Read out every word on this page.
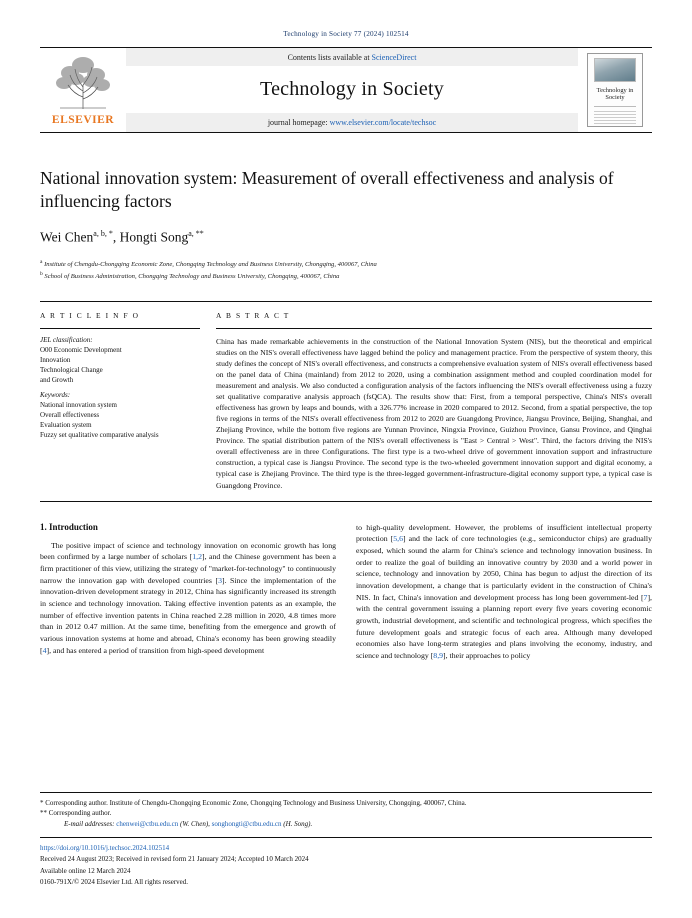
Technology in Society 77 (2024) 102514
ELSEVIER
Contents lists available at ScienceDirect
Technology in Society
journal homepage: www.elsevier.com/locate/techsoc
Technology in Society
National innovation system: Measurement of overall effectiveness and analysis of influencing factors
Wei Chen$^{a, b, *}$, Hongti Song$^{a, **}$
$^a$ Institute of Chengdu-Chongqing Economic Zone, Chongqing Technology and Business University, Chongqing, 400067, China
$^b$ School of Business Administration, Chongqing Technology and Business University, Chongqing, 400067, China
A R T I C L E I N F O
JEL classification:
O00 Economic Development
Innovation
Technological Change
and Growth
Keywords:
National innovation system
Overall effectiveness
Evaluation system
Fuzzy set qualitative comparative analysis
A B S T R A C T

China has made remarkable achievements in the construction of the National Innovation System (NIS), but the theoretical and empirical studies on the NIS's overall effectiveness have lagged behind the policy and management practice. From the perspective of system theory, this study defines the concept of NIS's overall effectiveness, and constructs a comprehensive evaluation system of NIS's overall effectiveness based on the panel data of China (mainland) from 2012 to 2020, using a combination assignment method and coupled coordination model for measurement and analysis. We also conducted a configuration analysis of the factors influencing the NIS's overall effectiveness using a fuzzy set qualitative comparative analysis approach (fsQCA). The results show that: First, from a temporal perspective, China's NIS's overall effectiveness has grown by leaps and bounds, with a 326.77% increase in 2020 compared to 2012. Second, from a spatial perspective, the top five regions in terms of the NIS's overall effectiveness from 2012 to 2020 are Guangdong Province, Jiangsu Province, Beijing, Shanghai, and Zhejiang Province, while the bottom five regions are Yunnan Province, Ningxia Province, Guizhou Province, Gansu Province, and Qinghai Province. The spatial distribution pattern of the NIS's overall effectiveness is "East > Central > West". Third, the factors driving the NIS's overall effectiveness are in three Configurations. The first type is a two-wheel drive of government innovation support and infrastructure construction, a typical case is Jiangsu Province. The second type is the two-wheeled government innovation support and digital economy, a typical case is Zhejiang Province. The third type is the three-legged government-infrastructure-digital economy support type, a typical case is Guangdong Province.

1. Introduction

The positive impact of science and technology innovation on economic growth has long been confirmed by a large number of scholars [1,2], and the Chinese government has been a firm practitioner of this view, utilizing the strategy of "market-for-technology" to continuously narrow the innovation gap with developed countries [3]. Since the implementation of the innovation-driven development strategy in 2012, China has significantly increased its strength in science and technology innovation. Taking effective invention patents as an example, the number of effective invention patents in China reached 2.28 million in 2020, 4.8 times more than in 2012 0.47 million. At the same time, benefiting from the emergence and growth of various innovation systems at home and abroad, China's economy has been growing steadily [4], and has entered a period of transition from high-speed development

to high-quality development. However, the problems of insufficient intellectual property protection [5,6] and the lack of core technologies (e.g., semiconductor chips) are gradually exposed, which sound the alarm for China's science and technology innovation business. In order to realize the goal of building an innovative country by 2030 and a world power in science, technology and innovation by 2050, China has begun to adjust the direction of its innovation development, a change that is particularly evident in the construction of China's NIS. In fact, China's innovation and development process has long been government-led [7], with the central government issuing a planning report every five years covering economic growth, industrial development, and scientific and technological progress, which specifies the future development goals and strategic focus of each area. Although many developed economies also have long-term strategies and plans involving the economy, industry, and science and technology [8,9], their approaches to policy

* Corresponding author. Institute of Chengdu-Chongqing Economic Zone, Chongqing Technology and Business University, Chongqing, 400067, China.
** Corresponding author.
E-mail addresses: chenwei@ctbu.edu.cn (W. Chen), songhongti@ctbu.edu.cn (H. Song).
https://doi.org/10.1016/j.techsoc.2024.102514
Received 24 August 2023; Received in revised form 21 January 2024; Accepted 10 March 2024
Available online 12 March 2024
0160-791X/© 2024 Elsevier Ltd. All rights reserved.
